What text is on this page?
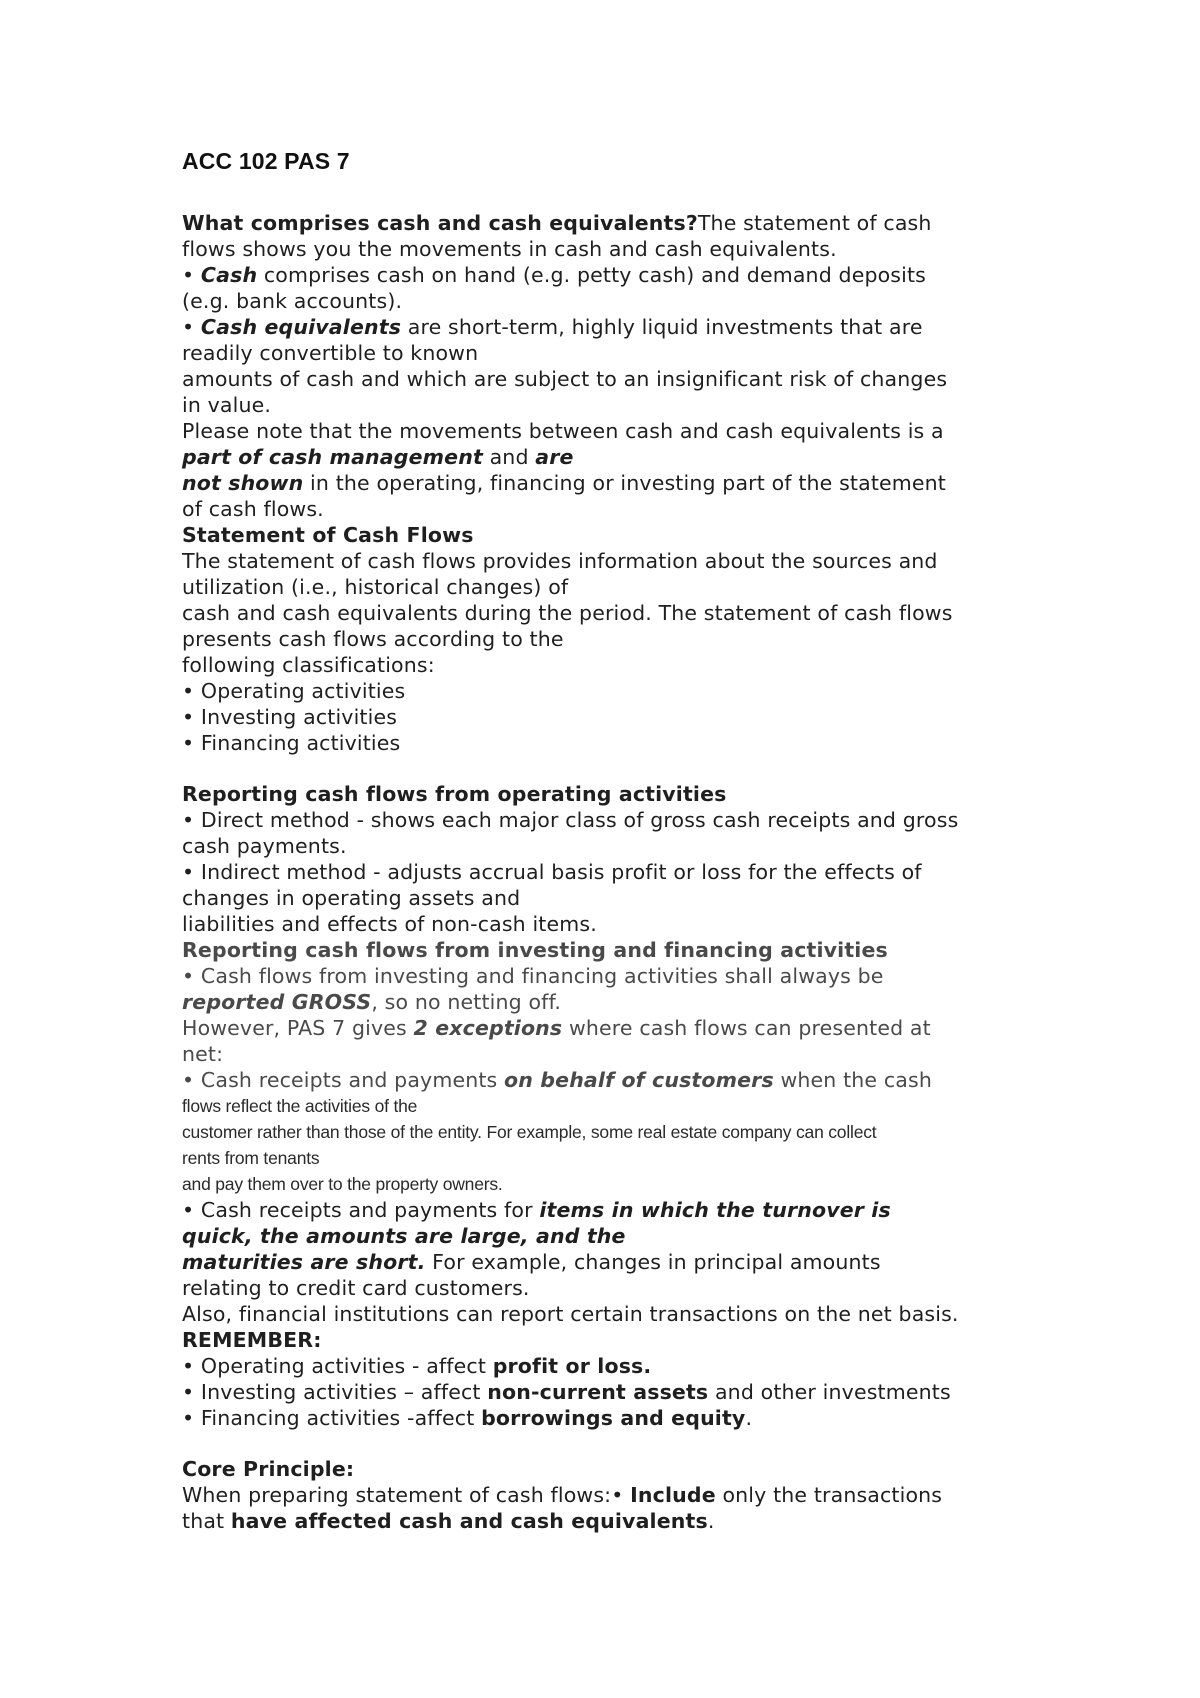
ACC 102 PAS 7
What comprises cash and cash equivalents?The statement of cash
flows shows you the movements in cash and cash equivalents.
• Cash comprises cash on hand (e.g. petty cash) and demand deposits
(e.g. bank accounts).
• Cash equivalents are short-term, highly liquid investments that are
readily convertible to known
amounts of cash and which are subject to an insignificant risk of changes
in value.
Please note that the movements between cash and cash equivalents is a
part of cash management and are
not shown in the operating, financing or investing part of the statement
of cash flows.
Statement of Cash Flows
The statement of cash flows provides information about the sources and
utilization (i.e., historical changes) of
cash and cash equivalents during the period. The statement of cash flows
presents cash flows according to the
following classifications:
• Operating activities
• Investing activities
• Financing activities
Reporting cash flows from operating activities
• Direct method - shows each major class of gross cash receipts and gross
cash payments.
• Indirect method - adjusts accrual basis profit or loss for the effects of
changes in operating assets and
liabilities and effects of non-cash items.
Reporting cash flows from investing and financing activities
• Cash flows from investing and financing activities shall always be
reported GROSS, so no netting off.
However, PAS 7 gives 2 exceptions where cash flows can presented at
net:
• Cash receipts and payments on behalf of customers when the cash
flows reflect the activities of the
customer rather than those of the entity. For example, some real estate company can collect
rents from tenants
and pay them over to the property owners.
• Cash receipts and payments for items in which the turnover is
quick, the amounts are large, and the
maturities are short. For example, changes in principal amounts
relating to credit card customers.
Also, financial institutions can report certain transactions on the net basis.
REMEMBER:
• Operating activities - affect profit or loss.
• Investing activities – affect non-current assets and other investments
• Financing activities -affect borrowings and equity.
Core Principle:
When preparing statement of cash flows:• Include only the transactions
that have affected cash and cash equivalents.
